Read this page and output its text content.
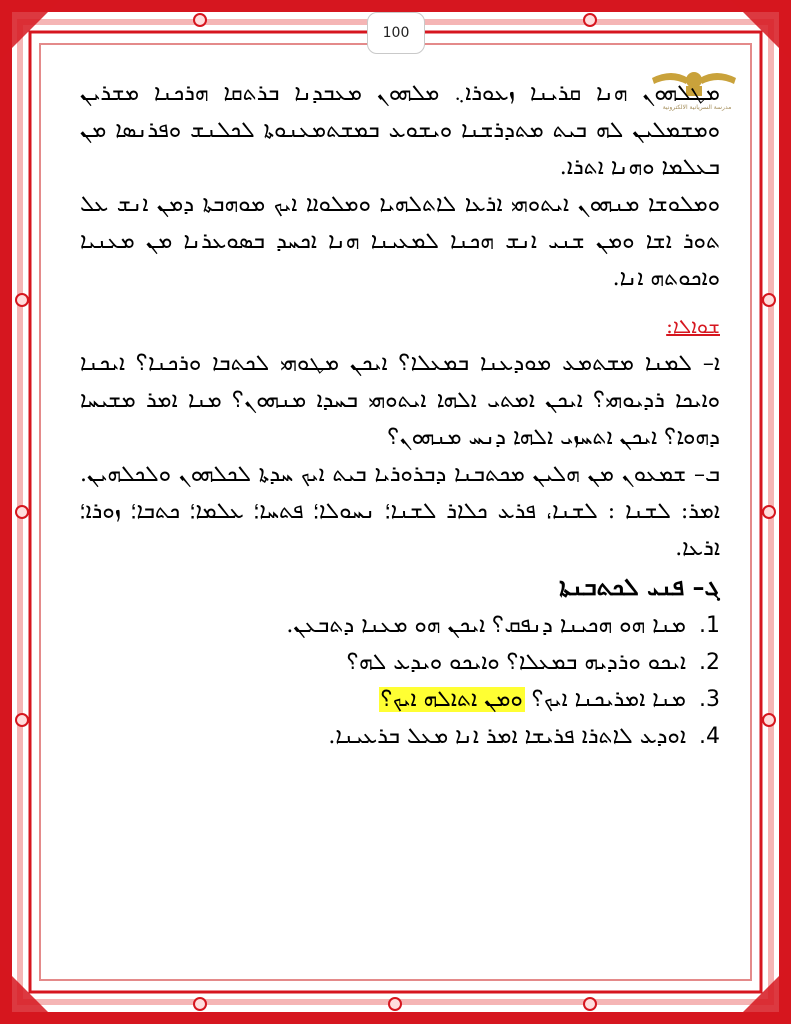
100
مدرسة السريانية الالكترونية

ܡܛܠܗܘܢ ܗܢܐ ܩܪܝܢܐ ܙܥܘܪܐ܆ ܡܠܗܘܢ ܡܥܒܕܢܐ ܒܪܬܩܐ ܗܪܟܢܐ ܡܫܪܝܢ ܘܡܫܡܠܝܢ ܠܗ ܒܝܬ ܡܬܕܪܫܢܐ ܘܝܫܘܥ ܒܡܫܬܡܥܢܘܬܐ ܠܟܠܢܫ ܘܦܪܢܣܐ ܡܢ ܒܥܠܡܐ ܘܗܢܐ ܐܬܪܐ.

ܘܡܠܘܫܐ ܡܢܗܘܢ ܐܝܬܘܗܝ ܐܪܥܐ ܠܐܬܠܗܝܐ ܘܡܠܘܐܐ ܐܝܟ ܡܘܗܒܬܐ ܕܡܢ ܐܢܫ ܥܠ ܬܘܪ ܐܫܐ ܘܡܢ ܫܢܝ ܐܢܫ ܗܟܢܐ ܠܡܥܝܢܐ ܗܢܐ ܐܟܚܕ ܒܣܘܥܪܢܐ ܡܢ ܡܥܢܝܐ ܘܐܟܘܬܗ ܐܢܐ.

ܫܘܐܠܐ:

ܐ– ܠܡܢܐ ܡܫܬܡܥ ܡܘܕܥܢܐ ܒܡܥܠܐ؟ ܐܝܟܢ ܡܛܘܗܝ ܠܟܬܒܐ ܘܪܟܢܐ؟ ܐܝܟܢܐ ܘܐܝܟܐ ܪܕܝܘܗܝ؟ ܐܝܟܢ ܐܡܬܝ ܐܠܗܐ ܐܝܬܘܗܝ ܒܚܕܐ ܡܢܗܘܢ؟ ܡܢܐ ܐܡܪ ܡܫܝܚܐ ܕܗܘܐ؟ ܐܝܟܢ ܐܬܚܙܝ ܐܠܗܐ ܕܢܚ ܡܢܗܘܢ؟

ܒ– ܫܡܥܘܢ ܡܢ ܗܠܝܢ ܡܟܬܒܢܐ ܕܒܪܘܪܝܐ ܒܝܬ ܐܝܟ ܚܕܬܐ ܠܟܠܗܘܢ ܘܠܟܠܗܝܢ. ܐܡܪ: ܠܫܢܐ : ܠܫܢܐ، ܦܪܥ ܟܠܐܪ ܠܫܢܐ؛ ܢܚܘܠܐ؛ ܦܬܚܐ؛ ܥܠܡܐ؛ ܟܬܒܐ؛ ܙܘܪܐ؛ ܐܪܥܐ.

ܓ– ܦܢܝ ܠܟܬܒܢܬܐ

ܡܢܐ ܗܘ ܗܟܝܢܐ ܕܢܦܩ؟ ܐܝܟܢ ܗܘ ܡܥܢܐ ܕܬܒܥܢ. 1.
ܐܝܟܘ ܘܪܕܝܗ ܒܡܥܠܐ؟ ܘܐܝܟܘ ܘܝܕܥ ܠܗ؟ 2.
ܡܢܐ ܐܡܪܝܟܢܐ ܐܝܟ؟ ܘܡܢ ܐܬܐܠܗ ܐܝܟ؟	3.
ܐܘܕܥ ܠܐܬܪܐ ܦܪܝܫܐ ܐܡܪ ܐܢܐ ܡܥܠ ܒܪܥܝܢܐ. 4.
